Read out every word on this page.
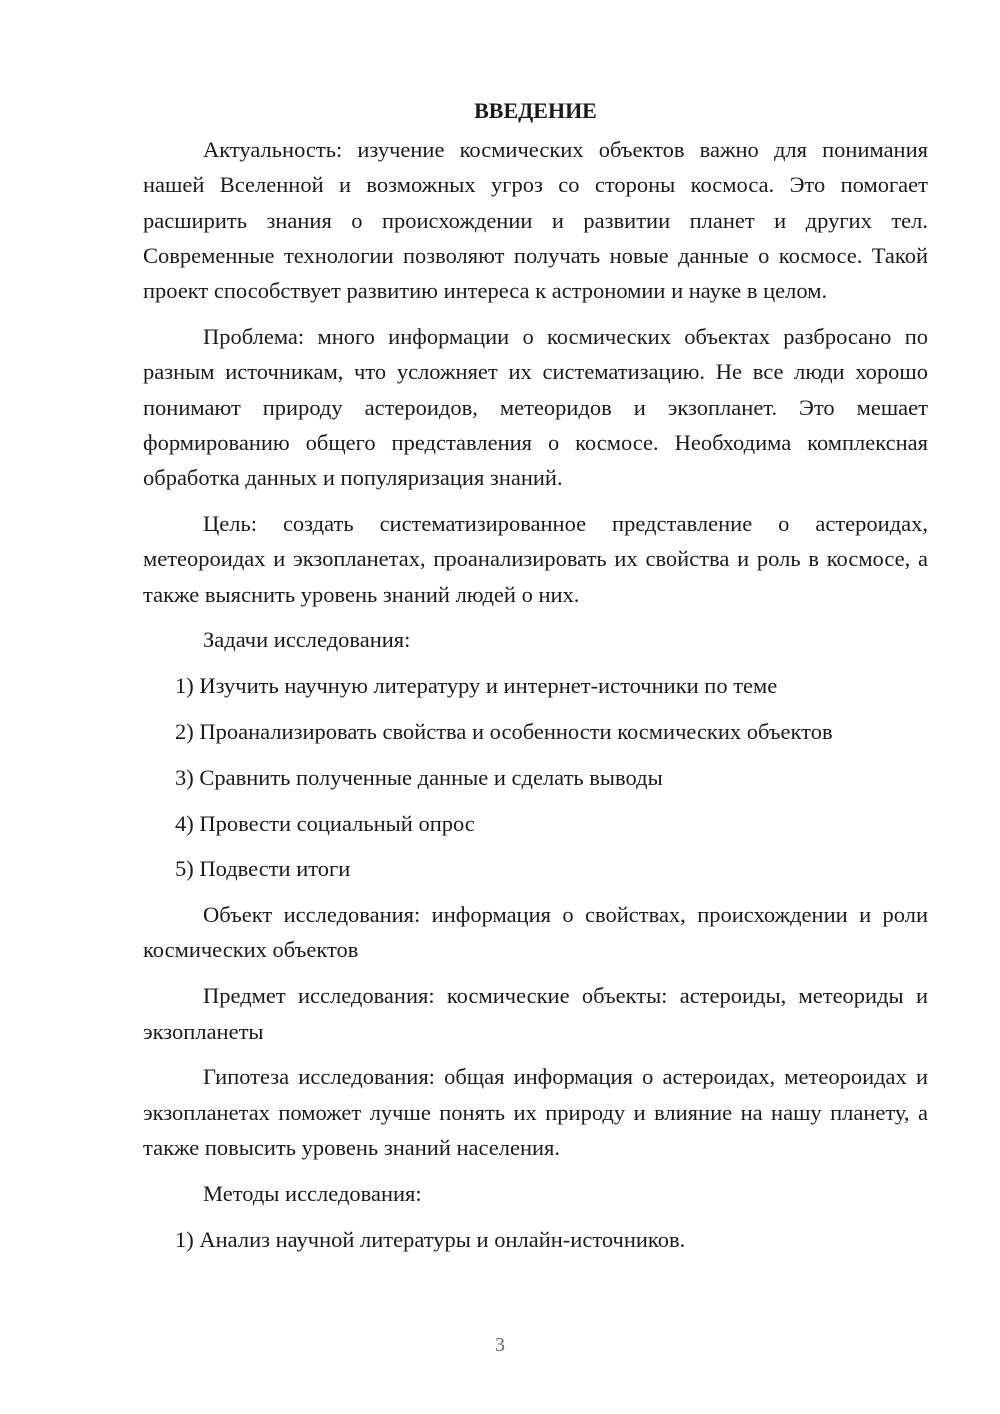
ВВЕДЕНИЕ

Актуальность: изучение космических объектов важно для понимания нашей Вселенной и возможных угроз со стороны космоса. Это помогает расширить знания о происхождении и развитии планет и других тел. Современные технологии позволяют получать новые данные о космосе. Такой проект способствует развитию интереса к астрономии и науке в целом.

Проблема: много информации о космических объектах разбросано по разным источникам, что усложняет их систематизацию. Не все люди хорошо понимают природу астероидов, метеоридов и экзопланет. Это мешает формированию общего представления о космосе. Необходима комплексная обработка данных и популяризация знаний.

Цель: создать систематизированное представление о астероидах, метеороидах и экзопланетах, проанализировать их свойства и роль в космосе, а также выяснить уровень знаний людей о них.

Задачи исследования:

1) Изучить научную литературу и интернет-источники по теме

2) Проанализировать свойства и особенности космических объектов

3) Сравнить полученные данные и сделать выводы

4) Провести социальный опрос

5) Подвести итоги

Объект исследования: информация о свойствах, происхождении и роли космических объектов

Предмет исследования: космические объекты: астероиды, метеориды и экзопланеты

Гипотеза исследования: общая информация о астероидах, метеороидах и экзопланетах поможет лучше понять их природу и влияние на нашу планету, а также повысить уровень знаний населения.

Методы исследования:

1) Анализ научной литературы и онлайн-источников.

3
